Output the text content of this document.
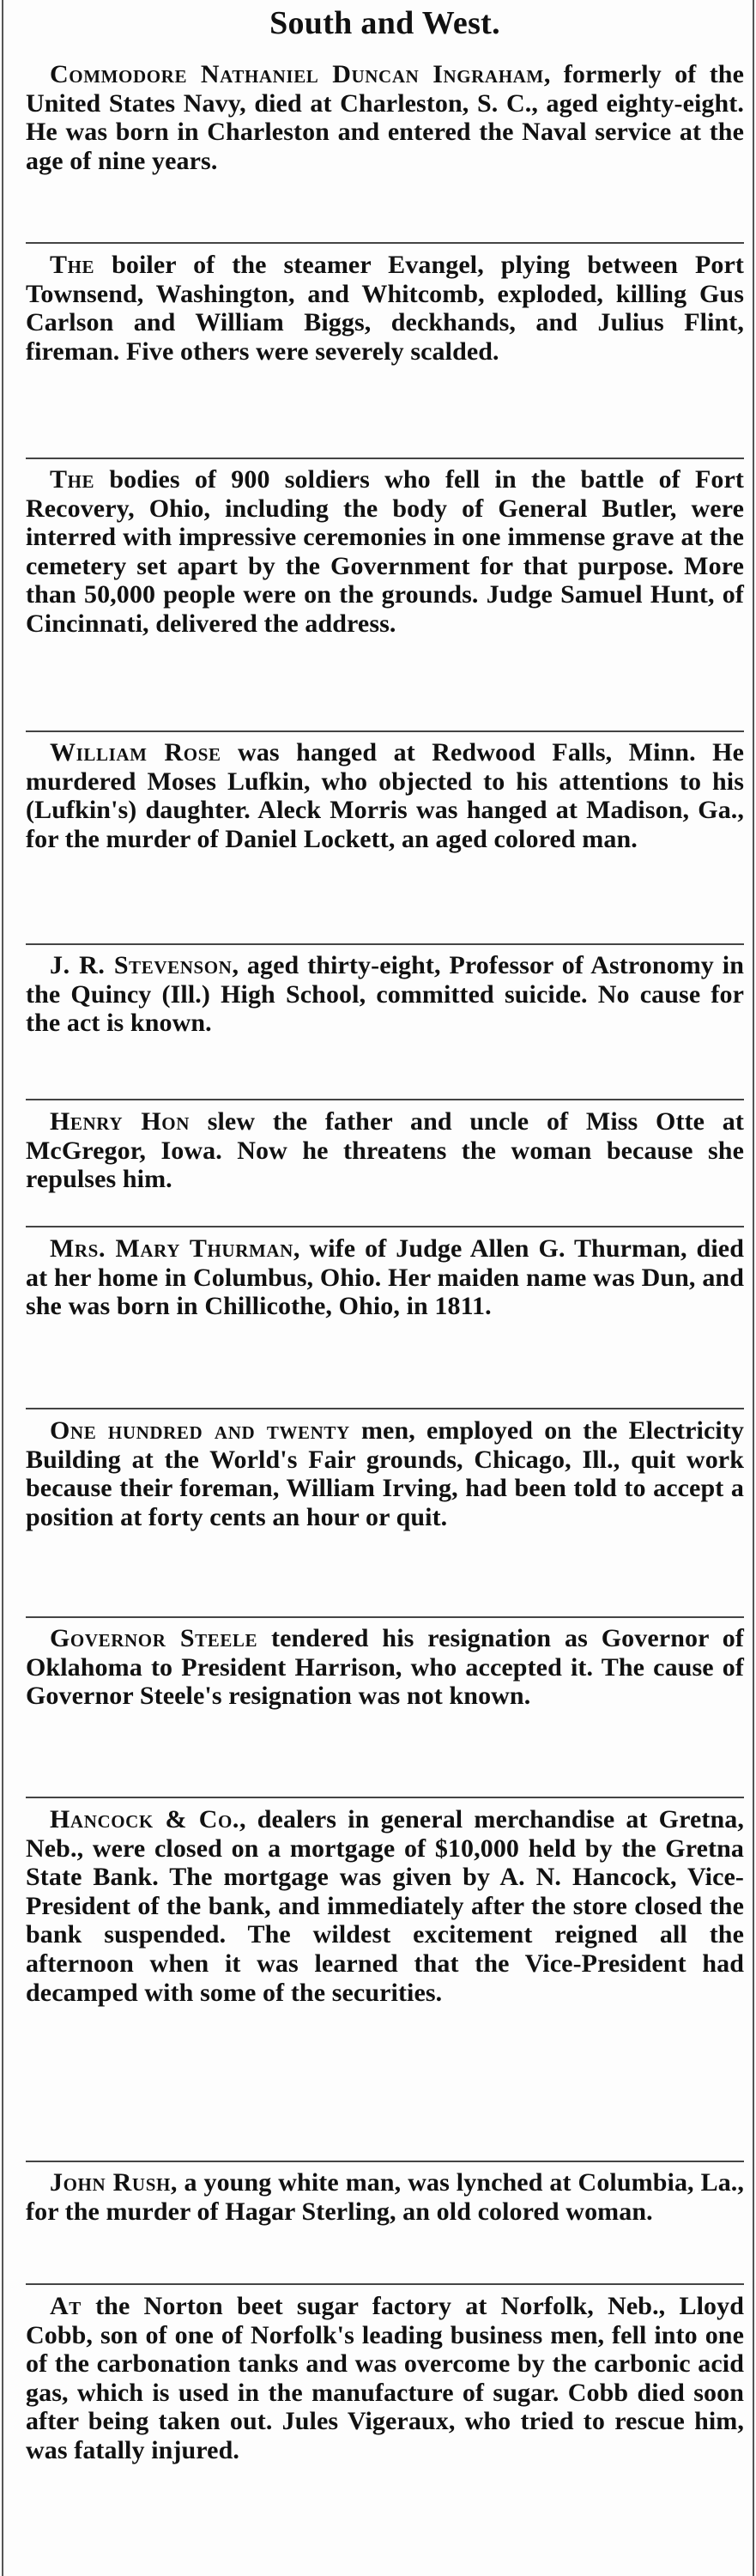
South and West.
Commodore Nathaniel Duncan Ingraham, formerly of the United States Navy, died at Charleston, S. C., aged eighty-eight. He was born in Charleston and entered the Naval service at the age of nine years.
The boiler of the steamer Evangel, plying between Port Townsend, Washington, and Whitcomb, exploded, killing Gus Carlson and William Biggs, deckhands, and Julius Flint, fireman. Five others were severely scalded.
The bodies of 900 soldiers who fell in the battle of Fort Recovery, Ohio, including the body of General Butler, were interred with impressive ceremonies in one immense grave at the cemetery set apart by the Government for that purpose. More than 50,000 people were on the grounds. Judge Samuel Hunt, of Cincinnati, delivered the address.
William Rose was hanged at Redwood Falls, Minn. He murdered Moses Lufkin, who objected to his attentions to his (Lufkin's) daughter. Aleck Morris was hanged at Madison, Ga., for the murder of Daniel Lockett, an aged colored man.
J. R. Stevenson, aged thirty-eight, Professor of Astronomy in the Quincy (Ill.) High School, committed suicide. No cause for the act is known.
Henry Hon slew the father and uncle of Miss Otte at McGregor, Iowa. Now he threatens the woman because she repulses him.
Mrs. Mary Thurman, wife of Judge Allen G. Thurman, died at her home in Columbus, Ohio. Her maiden name was Dun, and she was born in Chillicothe, Ohio, in 1811.
One hundred and twenty men, employed on the Electricity Building at the World's Fair grounds, Chicago, Ill., quit work because their foreman, William Irving, had been told to accept a position at forty cents an hour or quit.
Governor Steele tendered his resignation as Governor of Oklahoma to President Harrison, who accepted it. The cause of Governor Steele's resignation was not known.
Hancock & Co., dealers in general merchandise at Gretna, Neb., were closed on a mortgage of $10,000 held by the Gretna State Bank. The mortgage was given by A. N. Hancock, Vice-President of the bank, and immediately after the store closed the bank suspended. The wildest excitement reigned all the afternoon when it was learned that the Vice-President had decamped with some of the securities.
John Rush, a young white man, was lynched at Columbia, La., for the murder of Hagar Sterling, an old colored woman.
At the Norton beet sugar factory at Norfolk, Neb., Lloyd Cobb, son of one of Norfolk's leading business men, fell into one of the carbonation tanks and was overcome by the carbonic acid gas, which is used in the manufacture of sugar. Cobb died soon after being taken out. Jules Vigeraux, who tried to rescue him, was fatally injured.
